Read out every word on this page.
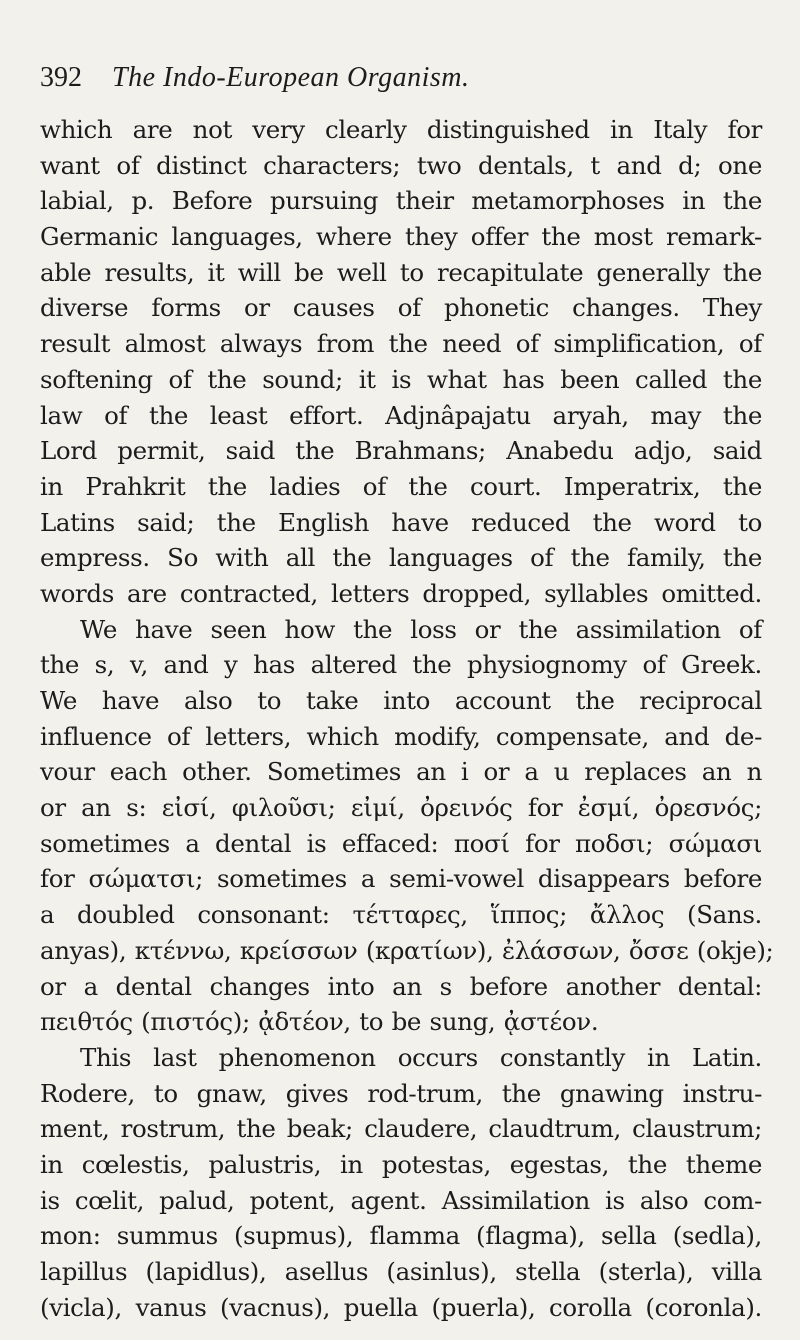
392 The Indo-European Organism.
which are not very clearly distinguished in Italy for
want of distinct characters; two dentals, t and d; one
labial, p. Before pursuing their metamorphoses in the
Germanic languages, where they offer the most remark-
able results, it will be well to recapitulate generally the
diverse forms or causes of phonetic changes. They
result almost always from the need of simplification, of
softening of the sound; it is what has been called the
law of the least effort. Adjnâpajatu aryah, may the
Lord permit, said the Brahmans; Anabedu adjo, said
in Prahkrit the ladies of the court. Imperatrix, the
Latins said; the English have reduced the word to
empress. So with all the languages of the family, the
words are contracted, letters dropped, syllables omitted.
We have seen how the loss or the assimilation of
the s, v, and y has altered the physiognomy of Greek.
We have also to take into account the reciprocal
influence of letters, which modify, compensate, and de-
vour each other. Sometimes an i or a u replaces an n
or an s: εἰσί, φιλοῦσι; εἰμί, ὀρεινός for ἐσμί, ὀρεσνός;
sometimes a dental is effaced: ποσί for ποδσι; σώμασι
for σώματσι; sometimes a semi-vowel disappears before
a doubled consonant: τέτταρες, ἵππος; ἄλλος (Sans.
anyas), κτέννω, κρείσσων (κρατίων), ἐλάσσων, ὄσσε (okje);
or a dental changes into an s before another dental:
πειθτός (πιστός); ᾀδτέον, to be sung, ᾀστέον.
This last phenomenon occurs constantly in Latin.
Rodere, to gnaw, gives rod-trum, the gnawing instru-
ment, rostrum, the beak; claudere, claudtrum, claustrum;
in cœlestis, palustris, in potestas, egestas, the theme
is cœlit, palud, potent, agent. Assimilation is also com-
mon: summus (supmus), flamma (flagma), sella (sedla),
lapillus (lapidlus), asellus (asinlus), stella (sterla), villa
(vicla), vanus (vacnus), puella (puerla), corolla (coronla).
